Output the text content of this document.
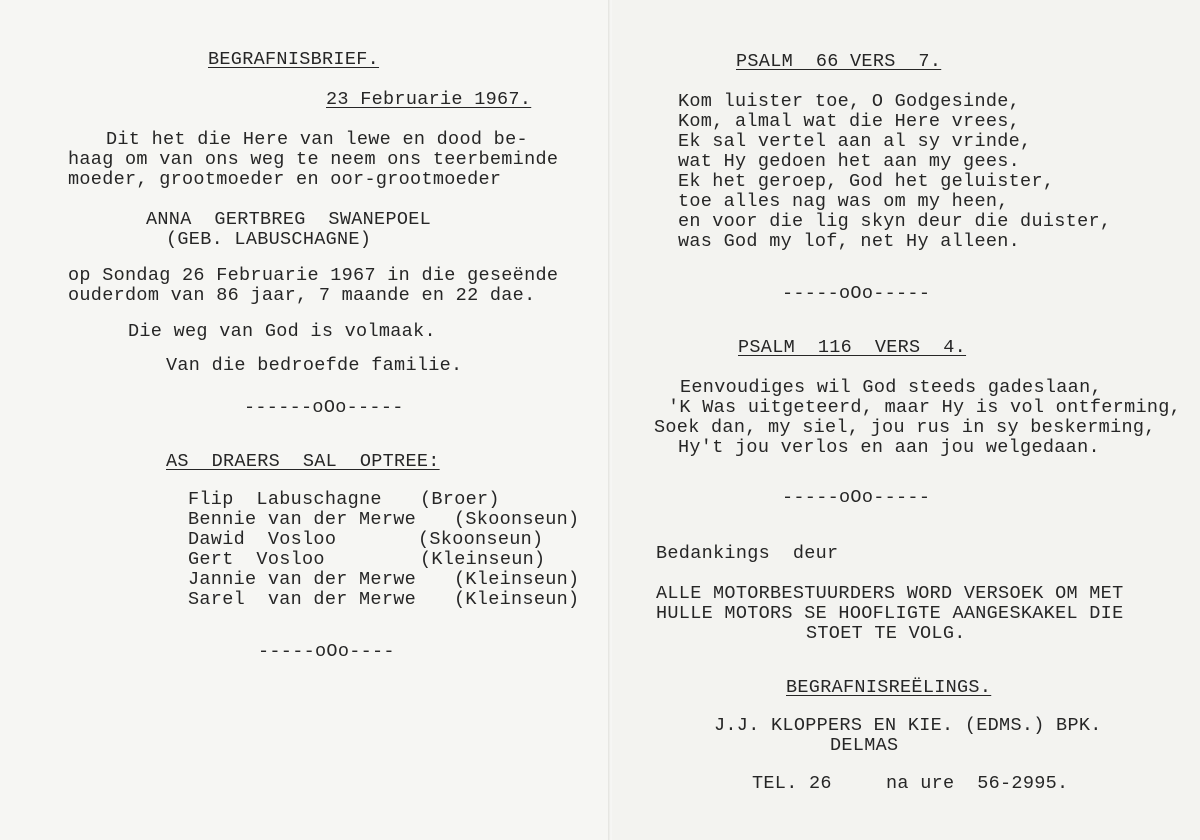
BEGRAFNISBRIEF.
23 Februarie 1967.
Dit het die Here van lewe en dood be-
haag om van ons weg te neem ons teerbeminde
moeder, grootmoeder en oor-grootmoeder
ANNA  GERTBREG  SWANEPOEL
(GEB. LABUSCHAGNE)
op Sondag 26 Februarie 1967 in die geseënde
ouderdom van 86 jaar, 7 maande en 22 dae.
Die weg van God is volmaak.
Van die bedroefde familie.
------oOo-----
AS  DRAERS  SAL  OPTREE:
Flip  Labuschagne (Broer)
Bennie van der Merwe (Skoonseun)
Dawid  Vosloo	(Skoonseun)
Gert  Vosloo	(Kleinseun)
Jannie van der Merwe (Kleinseun)
Sarel  van der Merwe (Kleinseun)
-----oOo----
PSALM  66 VERS  7.
Kom luister toe, O Godgesinde,
Kom, almal wat die Here vrees,
Ek sal vertel aan al sy vrinde,
wat Hy gedoen het aan my gees.
Ek het geroep, God het geluister,
toe alles nag was om my heen,
en voor die lig skyn deur die duister,
was God my lof, net Hy alleen.
-----oOo-----
PSALM  116  VERS  4.
Eenvoudiges wil God steeds gadeslaan,
'K Was uitgeteerd, maar Hy is vol ontferming,
Soek dan, my siel, jou rus in sy beskerming,
Hy't jou verlos en aan jou welgedaan.
-----oOo-----
Bedankings  deur
ALLE MOTORBESTUURDERS WORD VERSOEK OM MET
HULLE MOTORS SE HOOFLIGTE AANGESKAKEL DIE
STOET TE VOLG.
BEGRAFNISREËLINGS.
J.J. KLOPPERS EN KIE. (EDMS.) BPK.
DELMAS
TEL. 26	na ure  56-2995.
